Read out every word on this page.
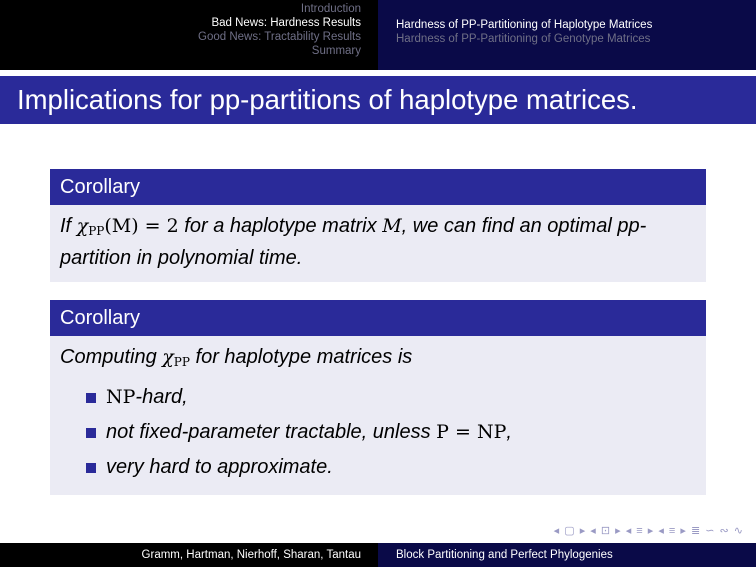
Introduction
Bad News: Hardness Results
Good News: Tractability Results
Summary
Hardness of PP-Partitioning of Haplotype Matrices
Hardness of PP-Partitioning of Genotype Matrices
Implications for pp-partitions of haplotype matrices.
Corollary
If $\chi_{PP}(M) = 2$ for a haplotype matrix M, we can find an optimal pp-partition in polynomial time.
Corollary
Computing $\chi_{PP}$ for haplotype matrices is
NP-hard,
not fixed-parameter tractable, unless P = NP,
very hard to approximate.
◂ ▢ ▸ ◂ ⊡ ▸ ◂ ≡ ▸ ◂ ≡ ▸ ≣ ∽ ∾ ∿
Gramm, Hartman, Nierhoff, Sharan, Tantau	Block Partitioning and Perfect Phylogenies
